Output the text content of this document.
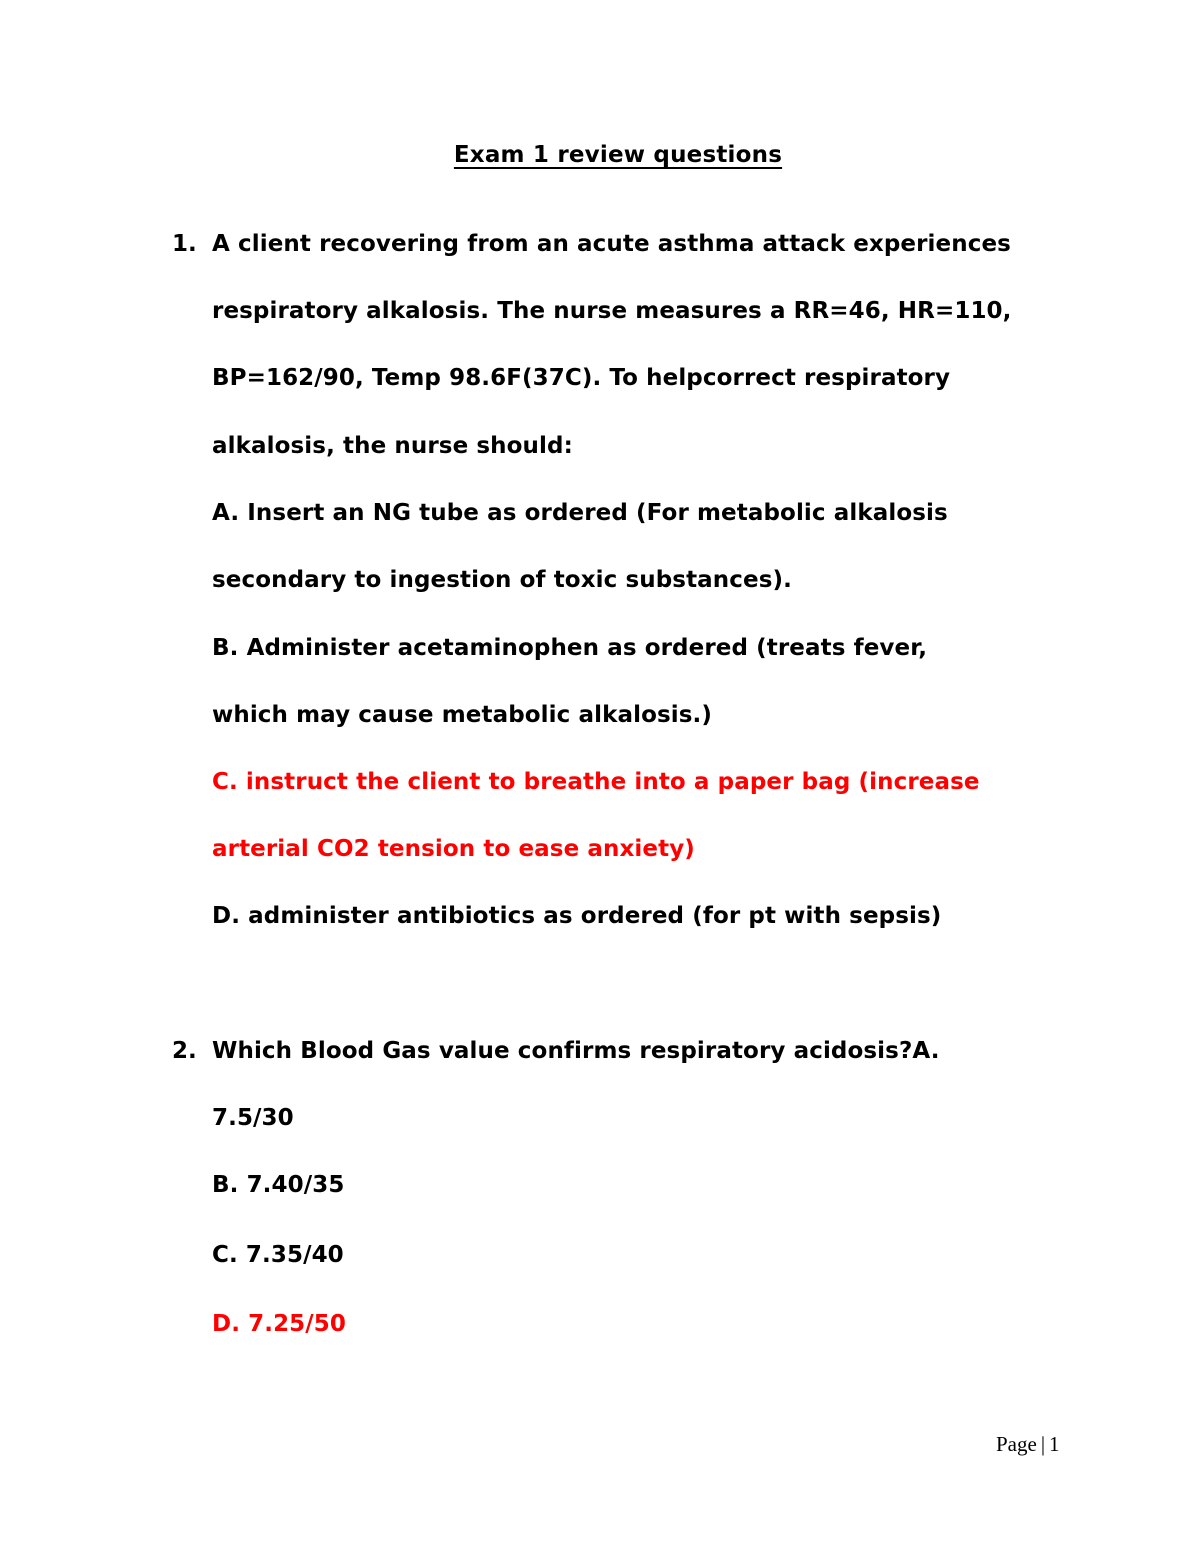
Exam 1 review questions
1. A client recovering from an acute asthma attack experiences
respiratory alkalosis. The nurse measures a RR=46, HR=110,
BP=162/90, Temp 98.6F(37C). To helpcorrect respiratory
alkalosis, the nurse should:
A. Insert an NG tube as ordered (For metabolic alkalosis
secondary to ingestion of toxic substances).
B. Administer acetaminophen as ordered (treats fever,
which may cause metabolic alkalosis.)
C. instruct the client to breathe into a paper bag (increase
arterial CO2 tension to ease anxiety)
D. administer antibiotics as ordered (for pt with sepsis)
2. Which Blood Gas value confirms respiratory acidosis?A.
7.5/30
B. 7.40/35
C. 7.35/40
D. 7.25/50
Page | 1
